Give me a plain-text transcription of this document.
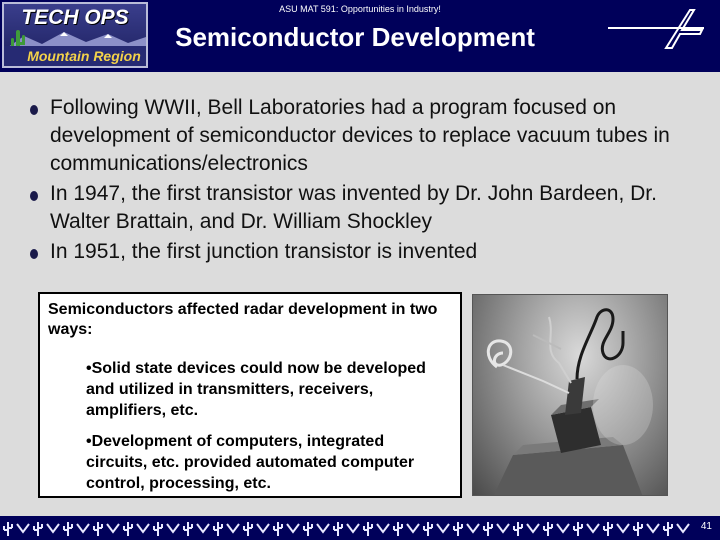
TECH OPS
Mountain Region
ASU MAT 591: Opportunities in Industry!
Semiconductor Development
Following WWII, Bell Laboratories had a program focused on development of semiconductor devices to replace vacuum tubes in communications/electronics
In 1947, the first transistor was invented by Dr. John Bardeen, Dr. Walter Brattain, and Dr. William Shockley
In 1951, the first junction transistor is invented
Semiconductors affected radar development in two ways:
•Solid state devices could now be developed and utilized in transmitters, receivers, amplifiers, etc.
•Development of computers, integrated circuits, etc. provided automated computer control, processing, etc.
41
